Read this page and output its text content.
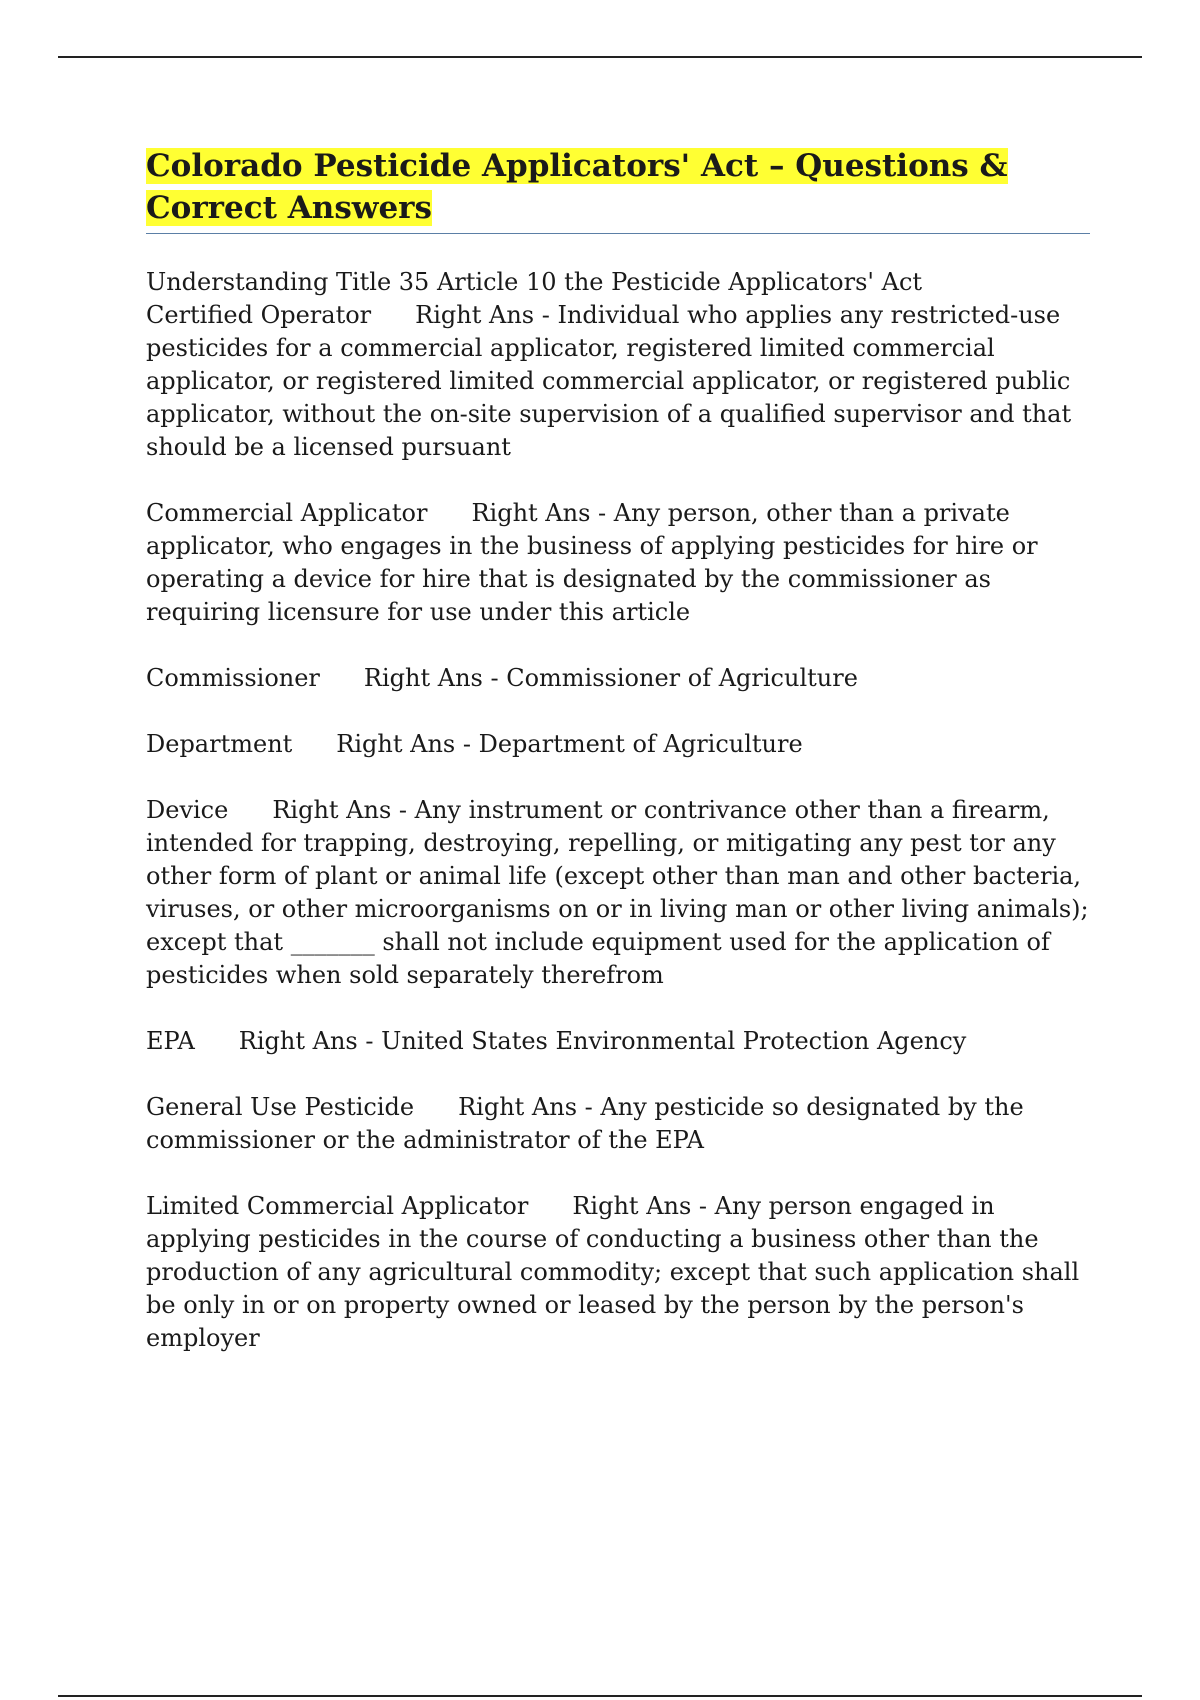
Colorado Pesticide Applicators' Act – Questions & Correct Answers

Understanding Title 35 Article 10 the Pesticide Applicators' Act

Certified Operator Right Ans - Individual who applies any restricted-use pesticides for a commercial applicator, registered limited commercial applicator, or registered limited commercial applicator, or registered public applicator, without the on-site supervision of a qualified supervisor and that should be a licensed pursuant

Commercial Applicator Right Ans - Any person, other than a private applicator, who engages in the business of applying pesticides for hire or operating a device for hire that is designated by the commissioner as requiring licensure for use under this article

Commissioner Right Ans - Commissioner of Agriculture

Department Right Ans - Department of Agriculture

Device Right Ans - Any instrument or contrivance other than a firearm, intended for trapping, destroying, repelling, or mitigating any pest tor any other form of plant or animal life (except other than man and other bacteria, viruses, or other microorganisms on or in living man or other living animals); except that _______ shall not include equipment used for the application of pesticides when sold separately therefrom

EPA Right Ans - United States Environmental Protection Agency

General Use Pesticide Right Ans - Any pesticide so designated by the commissioner or the administrator of the EPA

Limited Commercial Applicator Right Ans - Any person engaged in applying pesticides in the course of conducting a business other than the production of any agricultural commodity; except that such application shall be only in or on property owned or leased by the person by the person's employer
